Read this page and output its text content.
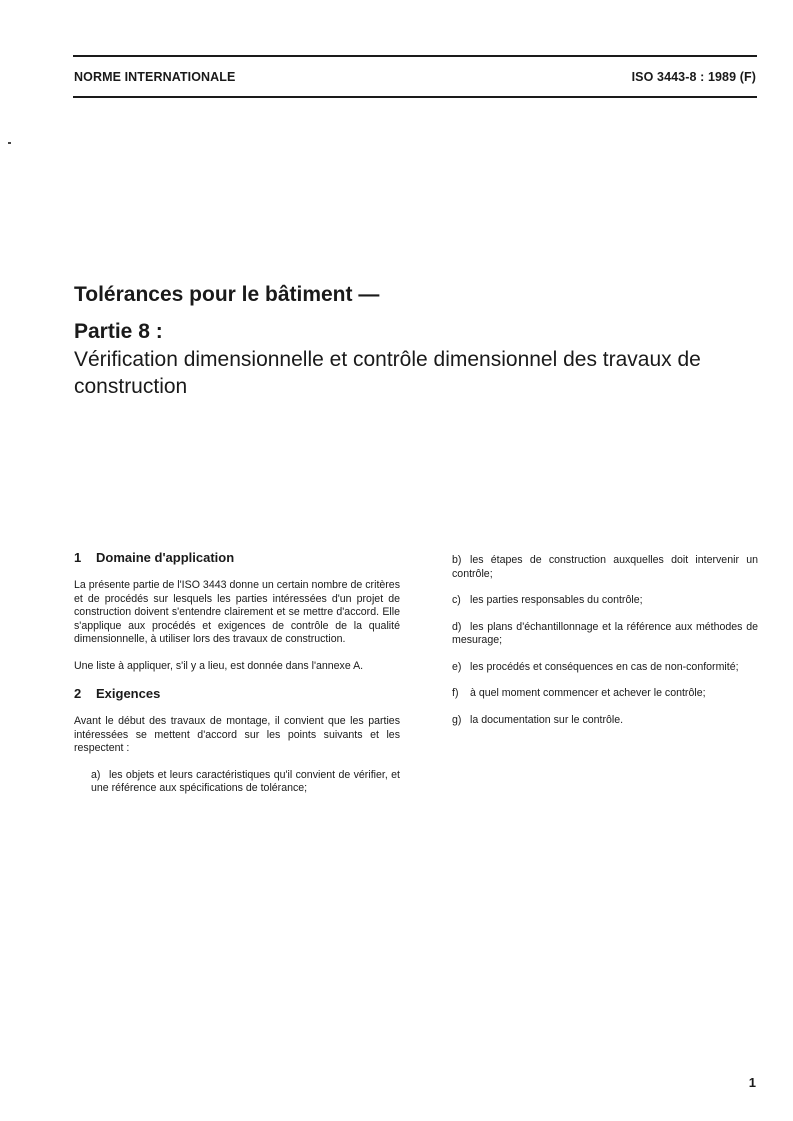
NORME INTERNATIONALE	ISO 3443-8 : 1989 (F)
Tolérances pour le bâtiment —
Partie 8 :
Vérification dimensionnelle et contrôle dimensionnel des travaux de construction
1 Domaine d'application

La présente partie de l'ISO 3443 donne un certain nombre de critères et de procédés sur lesquels les parties intéressées d'un projet de construction doivent s'entendre clairement et se mettre d'accord. Elle s'applique aux procédés et exigences de contrôle de la qualité dimensionnelle, à utiliser lors des travaux de construction.

Une liste à appliquer, s'il y a lieu, est donnée dans l'annexe A.

2 Exigences

Avant le début des travaux de montage, il convient que les parties intéressées se mettent d'accord sur les points suivants et les respectent :

a) les objets et leurs caractéristiques qu'il convient de vérifier, et une référence aux spécifications de tolérance;
b) les étapes de construction auxquelles doit intervenir un contrôle;
c) les parties responsables du contrôle;
d) les plans d'échantillonnage et la référence aux méthodes de mesurage;
e) les procédés et conséquences en cas de non-conformité;
f) à quel moment commencer et achever le contrôle;
g) la documentation sur le contrôle.
1
